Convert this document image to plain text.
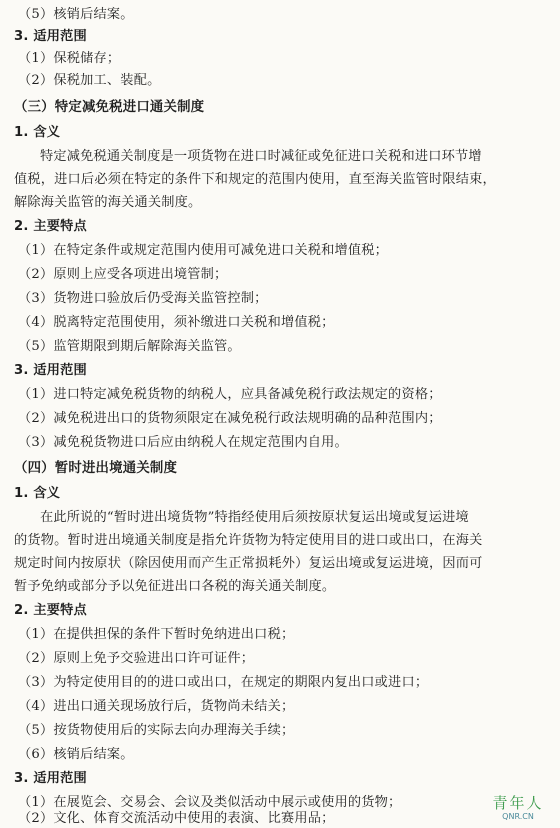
（5）核销后结案。
3. 适用范围
（1）保税储存；
（2）保税加工、装配。
（三）特定减免税进口通关制度
1. 含义
特定减免税通关制度是一项货物在进口时减征或免征进口关税和进口环节增
值税，进口后必须在特定的条件下和规定的范围内使用，直至海关监管时限结束，
解除海关监管的海关通关制度。
2. 主要特点
（1）在特定条件或规定范围内使用可减免进口关税和增值税；
（2）原则上应受各项进出境管制；
（3）货物进口验放后仍受海关监管控制；
（4）脱离特定范围使用，须补缴进口关税和增值税；
（5）监管期限到期后解除海关监管。
3. 适用范围
（1）进口特定减免税货物的纳税人，应具备减免税行政法规定的资格；
（2）减免税进出口的货物须限定在减免税行政法规明确的品种范围内；
（3）减免税货物进口后应由纳税人在规定范围内自用。
（四）暂时进出境通关制度
1. 含义
在此所说的“暂时进出境货物”特指经使用后须按原状复运出境或复运进境
的货物。暂时进出境通关制度是指允许货物为特定使用目的进口或出口，在海关
规定时间内按原状（除因使用而产生正常损耗外）复运出境或复运进境，因而可
暂予免纳或部分予以免征进出口各税的海关通关制度。
2. 主要特点
（1）在提供担保的条件下暂时免纳进出口税；
（2）原则上免予交验进出口许可证件；
（3）为特定使用目的的进口或出口，在规定的期限内复出口或进口；
（4）进出口通关现场放行后，货物尚未结关；
（5）按货物使用后的实际去向办理海关手续；
（6）核销后结案。
3. 适用范围
（1）在展览会、交易会、会议及类似活动中展示或使用的货物；
（2）文化、体育交流活动中使用的表演、比赛用品；
青年人
QNR.CN
